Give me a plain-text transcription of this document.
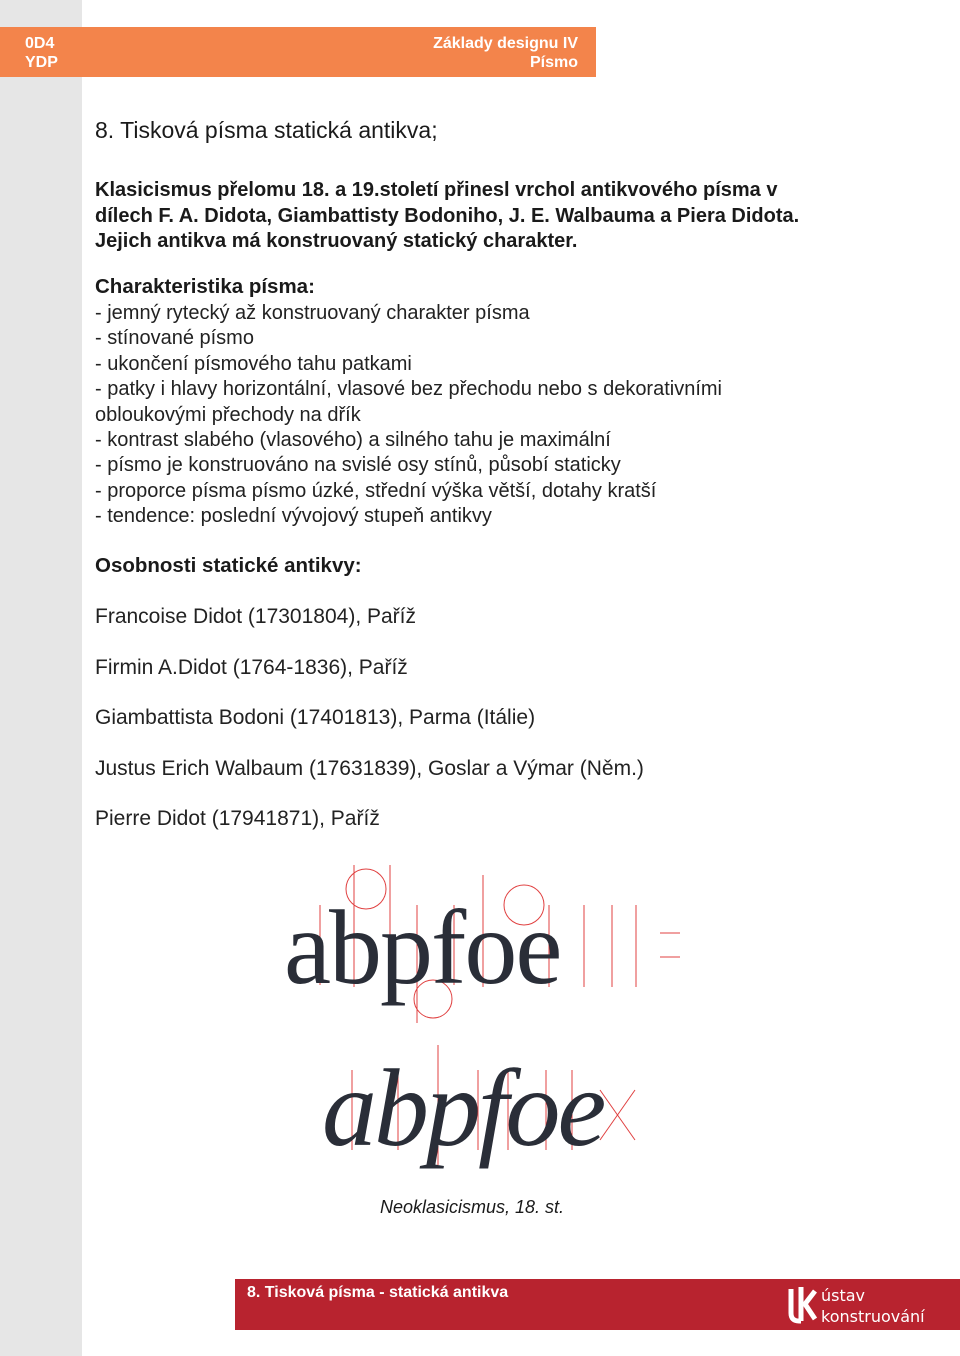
0D4
YDP
Základy designu IV
Písmo
8. Tisková písma statická antikva;
Klasicismus přelomu 18. a 19.století přinesl vrchol antikvového písma v
dílech F. A. Didota, Giambattisty Bodoniho, J. E. Walbauma a Piera Didota.
Jejich antikva má konstruovaný statický charakter.
Charakteristika písma:
- jemný rytecký až konstruovaný charakter písma
- stínované písmo
- ukončení písmového tahu patkami
- patky i hlavy horizontální, vlasové bez přechodu nebo s dekorativními
obloukovými přechody na dřík
- kontrast slabého (vlasového) a silného tahu je maximální
- písmo je konstruováno na svislé osy stínů, působí staticky
- proporce písma písmo úzké, střední výška větší, dotahy kratší
- tendence: poslední vývojový stupeň antikvy
Osobnosti statické antikvy:
Francoise Didot (17301804), Paříž
Firmin A.Didot (1764-1836), Paříž
Giambattista Bodoni (17401813), Parma (Itálie)
Justus Erich Walbaum (17631839), Goslar a Výmar (Něm.)
Pierre Didot (17941871), Paříž
abpfoe
abpfoe
Neoklasicismus, 18. st.
8. Tisková písma - statická antikva	ústav
konstruování
